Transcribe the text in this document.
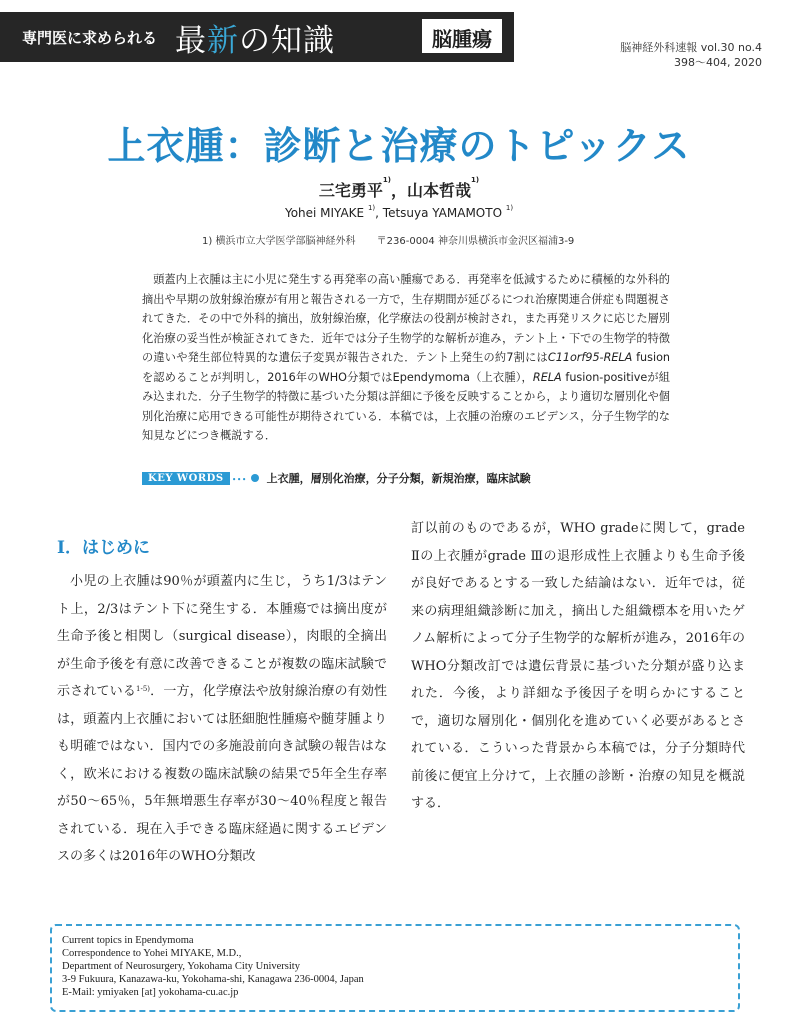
専門医に求められる 最新の知識	脳腫瘍	脳神経外科速報 vol.30 no.4
398～404, 2020
上衣腫：診断と治療のトピックス
三宅勇平$^{1)}$，山本哲哉$^{1)}$
Yohei MIYAKE $^{1)}$, Tetsuya YAMAMOTO $^{1)}$
1) 横浜市立大学医学部脳神経外科 〒236-0004 神奈川県横浜市金沢区福浦3-9
頭蓋内上衣腫は主に小児に発生する再発率の高い腫瘍である．再発率を低減するために積極的な外科的摘出や早期の放射線治療が有用と報告される一方で，生存期間が延びるにつれ治療関連合併症も問題視されてきた．その中で外科的摘出，放射線治療，化学療法の役割が検討され，また再発リスクに応じた層別化治療の妥当性が検証されてきた．近年では分子生物学的な解析が進み，テント上・下での生物学的特徴の違いや発生部位特異的な遺伝子変異が報告された．テント上発生の約7割にはC11orf95-RELA fusionを認めることが判明し，2016年のWHO分類ではEpendymoma（上衣腫），RELA fusion-positiveが組み込まれた．分子生物学的特徴に基づいた分類は詳細に予後を反映することから，より適切な層別化や個別化治療に応用できる可能性が期待されている．本稿では，上衣腫の治療のエビデンス，分子生物学的な知見などにつき概説する．
KEY WORDS ･･･ 上衣腫，層別化治療，分子分類，新規治療，臨床試験
Ⅰ．はじめに
小児の上衣腫は90％が頭蓋内に生じ，うち1/3はテント上，2/3はテント下に発生する．本腫瘍では摘出度が生命予後と相関し（surgical disease），肉眼的全摘出が生命予後を有意に改善できることが複数の臨床試験で示されている$^{1-5)}$．一方，化学療法や放射線治療の有効性は，頭蓋内上衣腫においては胚細胞性腫瘍や髄芽腫よりも明確ではない．国内での多施設前向き試験の報告はなく，欧米における複数の臨床試験の結果で5年全生存率が50～65％，5年無増悪生存率が30～40％程度と報告されている．現在入手できる臨床経過に関するエビデンスの多くは2016年のWHO分類改
訂以前のものであるが，WHO gradeに関して，grade Ⅱの上衣腫がgrade Ⅲの退形成性上衣腫よりも生命予後が良好であるとする一致した結論はない．近年では，従来の病理組織診断に加え，摘出した組織標本を用いたゲノム解析によって分子生物学的な解析が進み，2016年のWHO分類改訂では遺伝背景に基づいた分類が盛り込まれた．今後，より詳細な予後因子を明らかにすることで，適切な層別化・個別化を進めていく必要があるとされている．こういった背景から本稿では，分子分類時代前後に便宜上分けて，上衣腫の診断・治療の知見を概説する．
Current topics in Ependymoma
Correspondence to Yohei MIYAKE, M.D.,
Department of Neurosurgery, Yokohama City University
3-9 Fukuura, Kanazawa-ku, Yokohama-shi, Kanagawa 236-0004, Japan
E-Mail: ymiyaken [at] yokohama-cu.ac.jp
